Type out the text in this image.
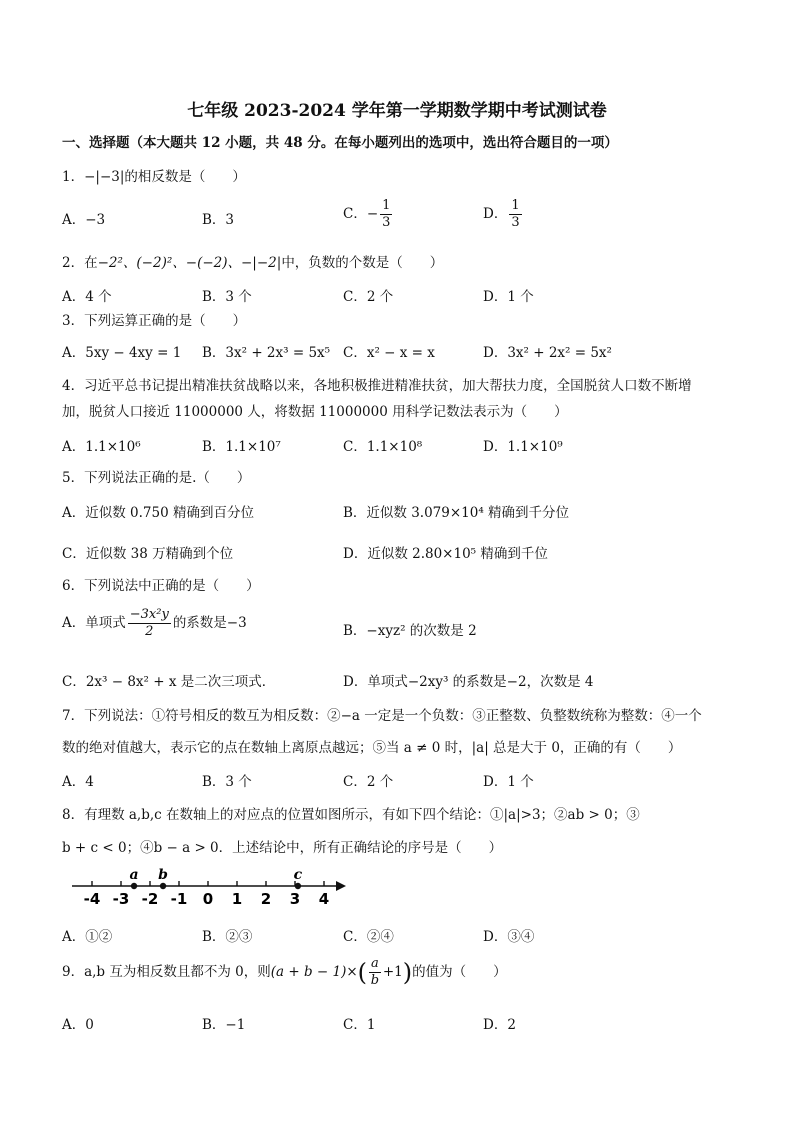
七年级 2023-2024 学年第一学期数学期中考试测试卷
一、选择题（本大题共 12 小题，共 48 分。在每小题列出的选项中，选出符合题目的一项）
1．−|−3|的相反数是（　　）
A．−3	B．3	C．− $\frac{1}{3}$	D． $\frac{1}{3}$
2．在−2²、(−2)²、−(−2)、−|−2|中，负数的个数是（　　）
A．4 个	B．3 个	C．2 个	D．1 个
3．下列运算正确的是（　　）
A．5xy − 4xy = 1 B．3x² + 2x³ = 5x⁵ C．x² − x = x	D．3x² + 2x² = 5x²
4．习近平总书记提出精准扶贫战略以来，各地积极推进精准扶贫，加大帮扶力度，全国脱贫人口数不断增
加，脱贫人口接近 11000000 人，将数据 11000000 用科学记数法表示为（　　）
A．1.1×10⁶	B．1.1×10⁷	C．1.1×10⁸	D．1.1×10⁹
5．下列说法正确的是.（　　）
A．近似数 0.750 精确到百分位	B．近似数 3.079×10⁴ 精确到千分位
C．近似数 38 万精确到个位	D．近似数 2.80×10⁵ 精确到千位
6．下列说法中正确的是（　　）
A．单项式 $\frac{\text{−3x²y}}{2}$ 的系数是−3	B．−xyz² 的次数是 2
C．2x³ − 8x² + x 是二次三项式．	D．单项式−2xy³ 的系数是−2，次数是 4
7．下列说法：①符号相反的数互为相反数：②−a 一定是一个负数：③正整数、负整数统称为整数：④一个
数的绝对值越大，表示它的点在数轴上离原点越远；⑤当 a ≠ 0 时，|a| 总是大于 0，正确的有（　　）
A．4	B．3 个	C．2 个	D．1 个
8．有理数 a,b,c 在数轴上的对应点的位置如图所示，有如下四个结论：①|a|>3；②ab > 0；③
b + c < 0；④b − a > 0．上述结论中，所有正确结论的序号是（　　）
-4 -3 -2 -1 0 1 2 3 4
a b	c
A．①②	B．②③	C．②④	D．③④
9．a,b 互为相反数且都不为 0，则$(a + b - 1)\times( \frac{a}{b} +1)$的值为（　　）
A．0	B．−1	C．1	D．2
